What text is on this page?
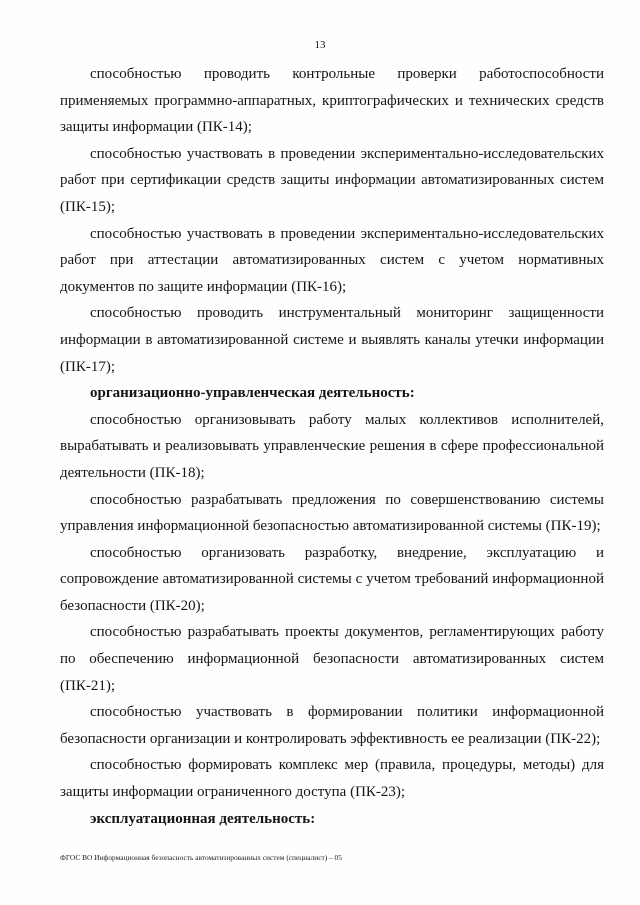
13

способностью проводить контрольные проверки работоспособности применяемых программно-аппаратных, криптографических и технических средств защиты информации (ПК-14);

способностью участвовать в проведении экспериментально-исследовательских работ при сертификации средств защиты информации автоматизированных систем (ПК-15);

способностью участвовать в проведении экспериментально-исследовательских работ при аттестации автоматизированных систем с учетом нормативных документов по защите информации (ПК-16);

способностью проводить инструментальный мониторинг защищенности информации в автоматизированной системе и выявлять каналы утечки информации (ПК-17);

организационно-управленческая деятельность:

способностью организовывать работу малых коллективов исполнителей, вырабатывать и реализовывать управленческие решения в сфере профессиональной деятельности (ПК-18);

способностью разрабатывать предложения по совершенствованию системы управления информационной безопасностью автоматизированной системы (ПК-19);

способностью организовать разработку, внедрение, эксплуатацию и сопровождение автоматизированной системы с учетом требований информационной безопасности (ПК-20);

способностью разрабатывать проекты документов, регламентирующих работу по обеспечению информационной безопасности автоматизированных систем (ПК-21);

способностью участвовать в формировании политики информационной безопасности организации и контролировать эффективность ее реализации (ПК-22);

способностью формировать комплекс мер (правила, процедуры, методы) для защиты информации ограниченного доступа (ПК-23);

эксплуатационная деятельность:

ФГОС ВО Информационная безопасность автоматизированных систем (специалист) – 05
